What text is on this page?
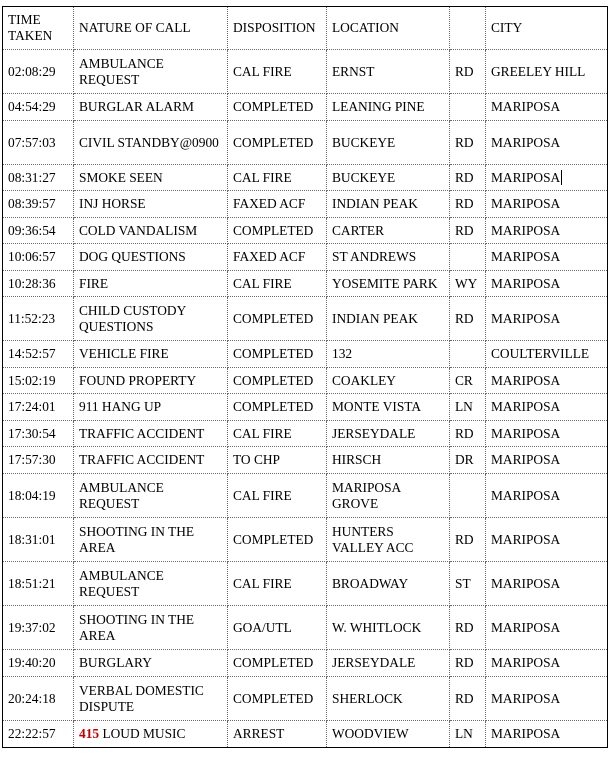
TIME TAKEN	NATURE OF CALL	DISPOSITION	LOCATION		CITY
02:08:29	AMBULANCE REQUEST	CAL FIRE	ERNST	RD	GREELEY HILL
04:54:29	BURGLAR ALARM	COMPLETED	LEANING PINE		MARIPOSA
07:57:03	CIVIL STANDBY@0900	COMPLETED	BUCKEYE	RD	MARIPOSA
08:31:27	SMOKE SEEN	CAL FIRE	BUCKEYE	RD	MARIPOSA
08:39:57	INJ HORSE	FAXED ACF	INDIAN PEAK	RD	MARIPOSA
09:36:54	COLD VANDALISM	COMPLETED	CARTER	RD	MARIPOSA
10:06:57	DOG QUESTIONS	FAXED ACF	ST ANDREWS		MARIPOSA
10:28:36	FIRE	CAL FIRE	YOSEMITE PARK	WY	MARIPOSA
11:52:23	CHILD CUSTODY QUESTIONS	COMPLETED	INDIAN PEAK	RD	MARIPOSA
14:52:57	VEHICLE FIRE	COMPLETED	132		COULTERVILLE
15:02:19	FOUND PROPERTY	COMPLETED	COAKLEY	CR	MARIPOSA
17:24:01	911 HANG UP	COMPLETED	MONTE VISTA	LN	MARIPOSA
17:30:54	TRAFFIC ACCIDENT	CAL FIRE	JERSEYDALE	RD	MARIPOSA
17:57:30	TRAFFIC ACCIDENT	TO CHP	HIRSCH	DR	MARIPOSA
18:04:19	AMBULANCE REQUEST	CAL FIRE	MARIPOSA GROVE		MARIPOSA
18:31:01	SHOOTING IN THE AREA	COMPLETED	HUNTERS VALLEY ACC	RD	MARIPOSA
18:51:21	AMBULANCE REQUEST	CAL FIRE	BROADWAY	ST	MARIPOSA
19:37:02	SHOOTING IN THE AREA	GOA/UTL	W. WHITLOCK	RD	MARIPOSA
19:40:20	BURGLARY	COMPLETED	JERSEYDALE	RD	MARIPOSA
20:24:18	VERBAL DOMESTIC DISPUTE	COMPLETED	SHERLOCK	RD	MARIPOSA
22:22:57	415 LOUD MUSIC	ARREST	WOODVIEW	LN	MARIPOSA
